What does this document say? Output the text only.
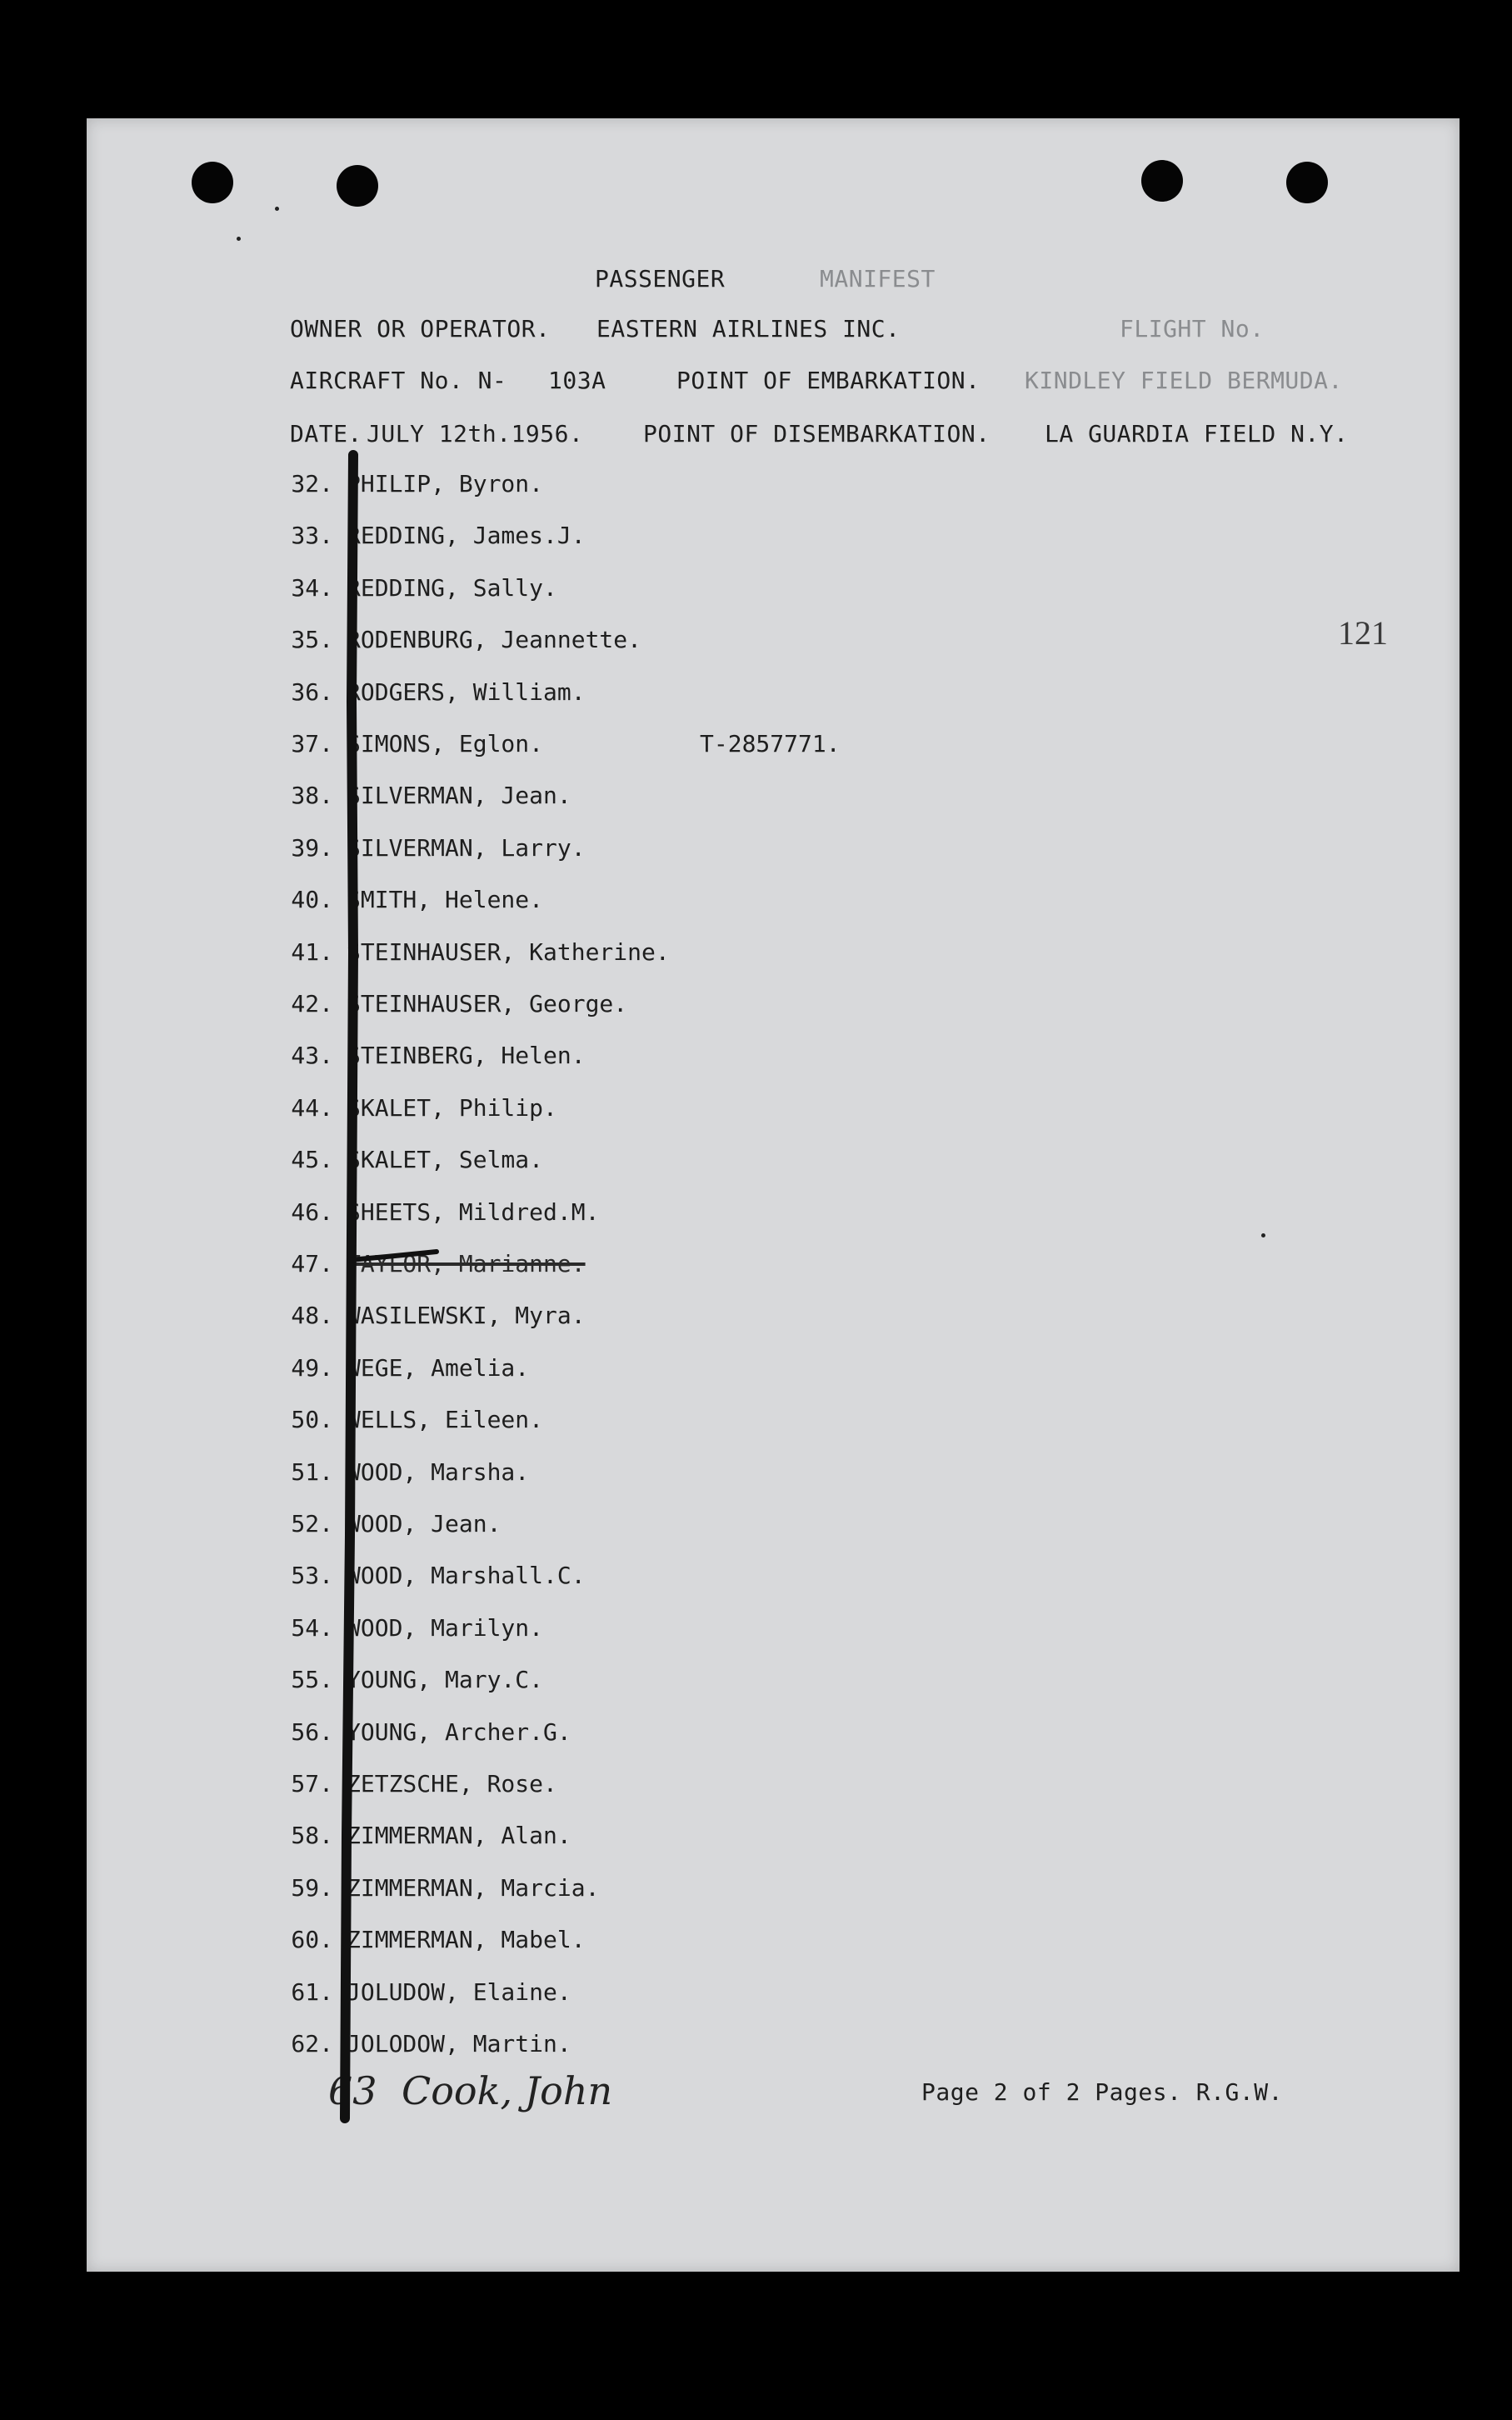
PASSENGER	MANIFEST
OWNER OR OPERATOR. EASTERN AIRLINES INC.	FLIGHT No.
AIRCRAFT No. N- 103A	POINT OF EMBARKATION. KINDLEY FIELD BERMUDA.
DATE. JULY 12th.1956.	POINT OF DISEMBARKATION. LA GUARDIA FIELD N.Y.
121
32. PHILIP, Byron.
33. REDDING, James.J.
34. REDDING, Sally.
35. RODENBURG, Jeannette.
36. RODGERS, William.
37. SIMONS, Eglon.	T-2857771.
38. SILVERMAN, Jean.
39. SILVERMAN, Larry.
40. SMITH, Helene.
41. STEINHAUSER, Katherine.
42. STEINHAUSER, George.
43. STEINBERG, Helen.
44. SKALET, Philip.
45. SKALET, Selma.
46. SHEETS, Mildred.M.
47. TAYLOR, Marianne.
48. WASILEWSKI, Myra.
49. WEGE, Amelia.
50. WELLS, Eileen.
51. WOOD, Marsha.
52. WOOD, Jean.
53. WOOD, Marshall.C.
54. WOOD, Marilyn.
55. YOUNG, Mary.C.
56. YOUNG, Archer.G.
57. ZETZSCHE, Rose.
58. ZIMMERMAN, Alan.
59. ZIMMERMAN, Marcia.
60. ZIMMERMAN, Mabel.
61. JOLUDOW, Elaine.
62. JOLODOW, Martin.
63 Cook, John	Page 2 of 2 Pages. R.G.W.
